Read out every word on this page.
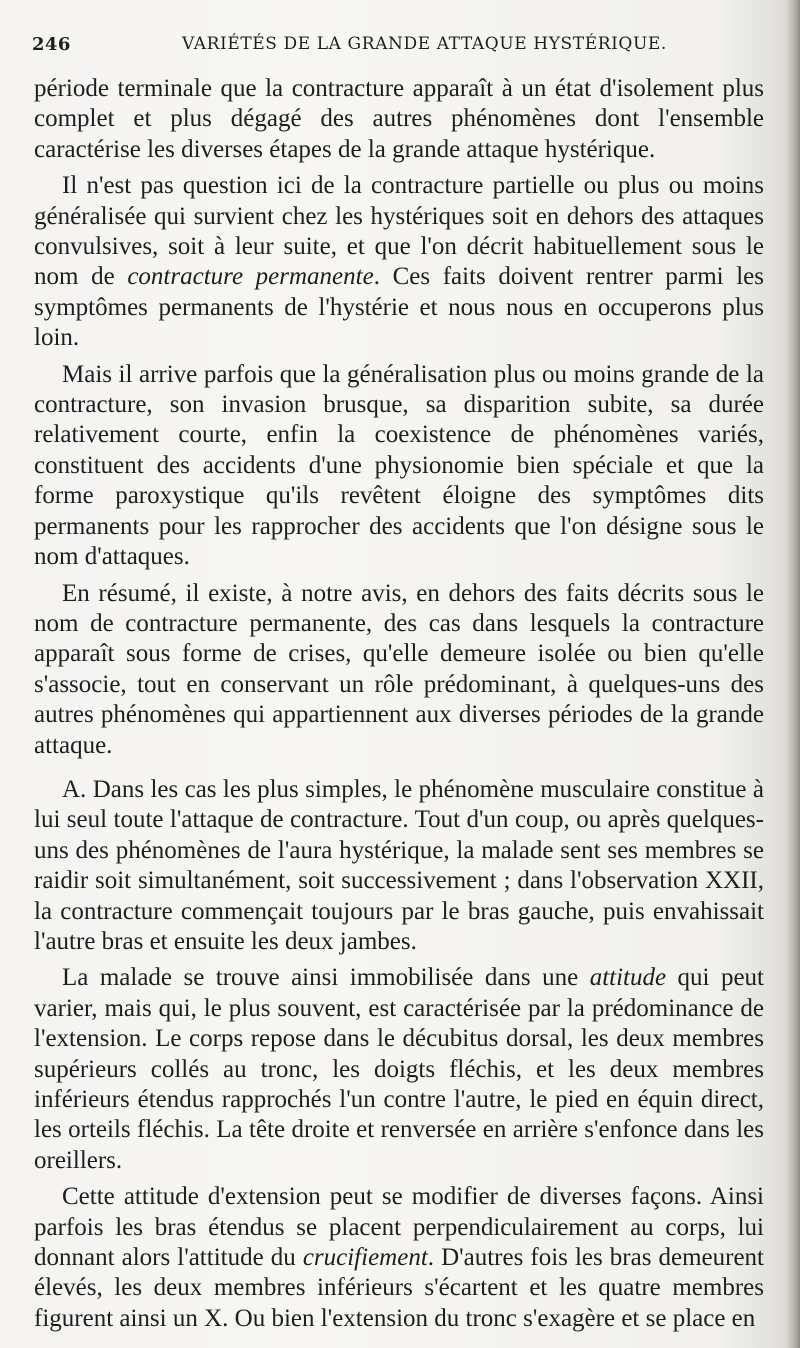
246	VARIÉTÉS DE LA GRANDE ATTAQUE HYSTÉRIQUE.

période terminale que la contracture apparaît à un état d'isolement plus complet et plus dégagé des autres phénomènes dont l'ensemble caractérise les diverses étapes de la grande attaque hystérique.

Il n'est pas question ici de la contracture partielle ou plus ou moins généralisée qui survient chez les hystériques soit en dehors des attaques convulsives, soit à leur suite, et que l'on décrit habituellement sous le nom de contracture permanente. Ces faits doivent rentrer parmi les symptômes permanents de l'hystérie et nous nous en occuperons plus loin.

Mais il arrive parfois que la généralisation plus ou moins grande de la contracture, son invasion brusque, sa disparition subite, sa durée relativement courte, enfin la coexistence de phénomènes variés, constituent des accidents d'une physionomie bien spéciale et que la forme paroxystique qu'ils revêtent éloigne des symptômes dits permanents pour les rapprocher des accidents que l'on désigne sous le nom d'attaques.

En résumé, il existe, à notre avis, en dehors des faits décrits sous le nom de contracture permanente, des cas dans lesquels la contracture apparaît sous forme de crises, qu'elle demeure isolée ou bien qu'elle s'associe, tout en conservant un rôle prédominant, à quelques-uns des autres phénomènes qui appartiennent aux diverses périodes de la grande attaque.

A. Dans les cas les plus simples, le phénomène musculaire constitue à lui seul toute l'attaque de contracture. Tout d'un coup, ou après quelques-uns des phénomènes de l'aura hystérique, la malade sent ses membres se raidir soit simultanément, soit successivement ; dans l'observation XXII, la contracture commençait toujours par le bras gauche, puis envahissait l'autre bras et ensuite les deux jambes.

La malade se trouve ainsi immobilisée dans une attitude qui peut varier, mais qui, le plus souvent, est caractérisée par la prédominance de l'extension. Le corps repose dans le décubitus dorsal, les deux membres supérieurs collés au tronc, les doigts fléchis, et les deux membres inférieurs étendus rapprochés l'un contre l'autre, le pied en équin direct, les orteils fléchis. La tête droite et renversée en arrière s'enfonce dans les oreillers.

Cette attitude d'extension peut se modifier de diverses façons. Ainsi parfois les bras étendus se placent perpendiculairement au corps, lui donnant alors l'attitude du crucifiement. D'autres fois les bras demeurent élevés, les deux membres inférieurs s'écartent et les quatre membres figurent ainsi un X. Ou bien l'extension du tronc s'exagère et se place en
